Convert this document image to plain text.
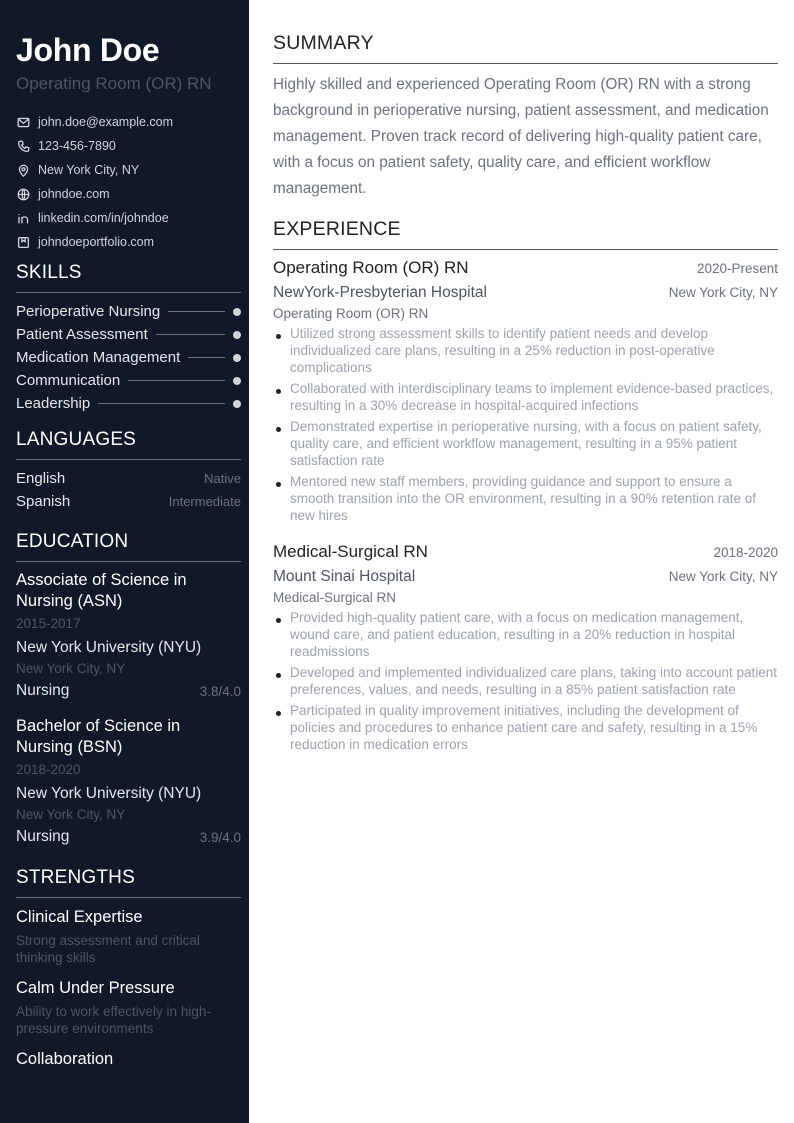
John Doe
Operating Room (OR) RN
john.doe@example.com
123-456-7890
New York City, NY
johndoe.com
linkedin.com/in/johndoe
johndoeportfolio.com
SKILLS
Perioperative Nursing
Patient Assessment
Medication Management
Communication
Leadership
LANGUAGES
English	Native
Spanish	Intermediate
EDUCATION
Associate of Science in Nursing (ASN)
2015-2017
New York University (NYU)
New York City, NY
Nursing	3.8/4.0
Bachelor of Science in Nursing (BSN)
2018-2020
New York University (NYU)
New York City, NY
Nursing	3.9/4.0
STRENGTHS
Clinical Expertise
Strong assessment and critical thinking skills
Calm Under Pressure
Ability to work effectively in high-pressure environments
Collaboration
SUMMARY
Highly skilled and experienced Operating Room (OR) RN with a strong background in perioperative nursing, patient assessment, and medication management. Proven track record of delivering high-quality patient care, with a focus on patient safety, quality care, and efficient workflow management.
EXPERIENCE
Operating Room (OR) RN	2020-Present
NewYork-Presbyterian Hospital	New York City, NY
Operating Room (OR) RN
Utilized strong assessment skills to identify patient needs and develop individualized care plans, resulting in a 25% reduction in post-operative complications
Collaborated with interdisciplinary teams to implement evidence-based practices, resulting in a 30% decrease in hospital-acquired infections
Demonstrated expertise in perioperative nursing, with a focus on patient safety, quality care, and efficient workflow management, resulting in a 95% patient satisfaction rate
Mentored new staff members, providing guidance and support to ensure a smooth transition into the OR environment, resulting in a 90% retention rate of new hires
Medical-Surgical RN	2018-2020
Mount Sinai Hospital	New York City, NY
Medical-Surgical RN
Provided high-quality patient care, with a focus on medication management, wound care, and patient education, resulting in a 20% reduction in hospital readmissions
Developed and implemented individualized care plans, taking into account patient preferences, values, and needs, resulting in a 85% patient satisfaction rate
Participated in quality improvement initiatives, including the development of policies and procedures to enhance patient care and safety, resulting in a 15% reduction in medication errors
